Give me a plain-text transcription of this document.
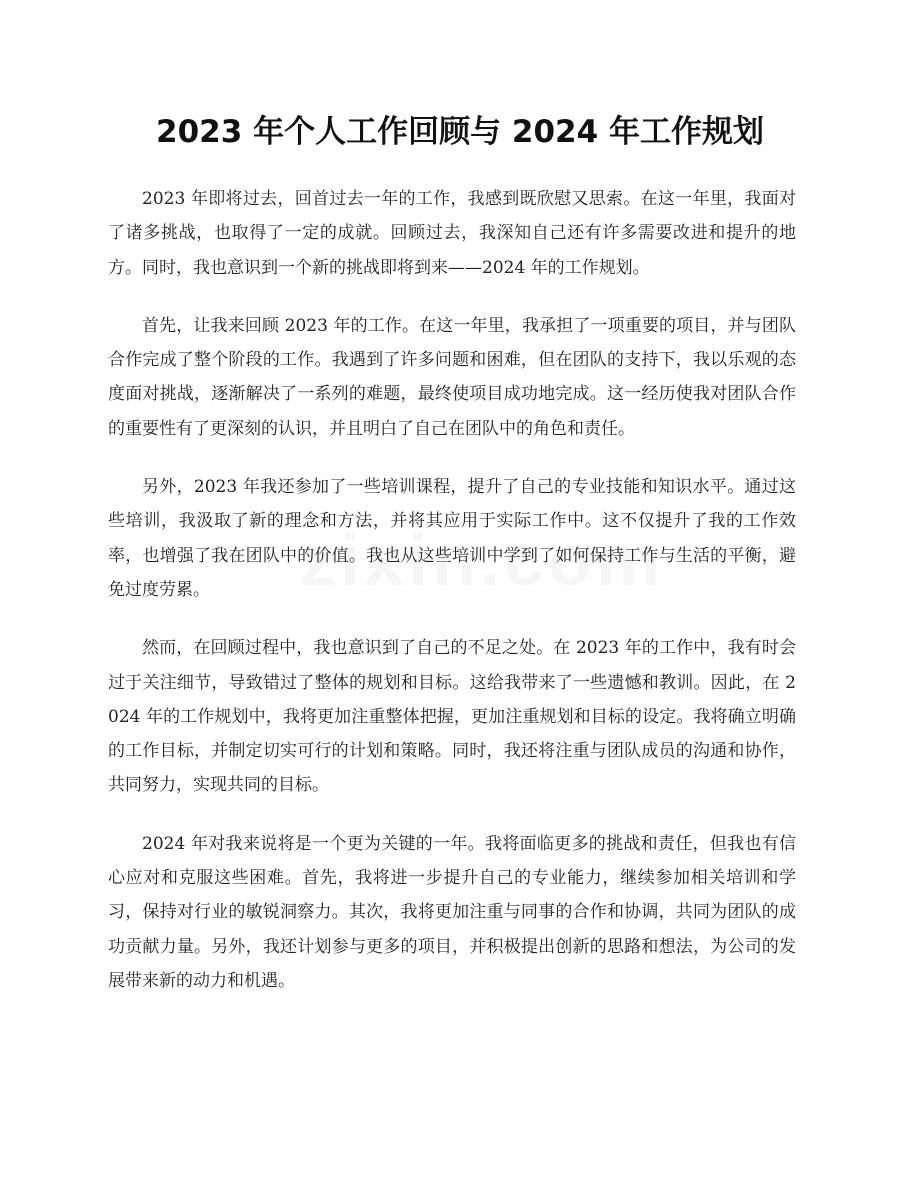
2023 年个人工作回顾与 2024 年工作规划

2023 年即将过去，回首过去一年的工作，我感到既欣慰又思索。在这一年里，我面对了诸多挑战，也取得了一定的成就。回顾过去，我深知自己还有许多需要改进和提升的地方。同时，我也意识到一个新的挑战即将到来——2024 年的工作规划。

首先，让我来回顾 2023 年的工作。在这一年里，我承担了一项重要的项目，并与团队合作完成了整个阶段的工作。我遇到了许多问题和困难，但在团队的支持下，我以乐观的态度面对挑战，逐渐解决了一系列的难题，最终使项目成功地完成。这一经历使我对团队合作的重要性有了更深刻的认识，并且明白了自己在团队中的角色和责任。

另外，2023 年我还参加了一些培训课程，提升了自己的专业技能和知识水平。通过这些培训，我汲取了新的理念和方法，并将其应用于实际工作中。这不仅提升了我的工作效率，也增强了我在团队中的价值。我也从这些培训中学到了如何保持工作与生活的平衡，避免过度劳累。

然而，在回顾过程中，我也意识到了自己的不足之处。在 2023 年的工作中，我有时会过于关注细节，导致错过了整体的规划和目标。这给我带来了一些遗憾和教训。因此，在 2024 年的工作规划中，我将更加注重整体把握，更加注重规划和目标的设定。我将确立明确的工作目标，并制定切实可行的计划和策略。同时，我还将注重与团队成员的沟通和协作，共同努力，实现共同的目标。

2024 年对我来说将是一个更为关键的一年。我将面临更多的挑战和责任，但我也有信心应对和克服这些困难。首先，我将进一步提升自己的专业能力，继续参加相关培训和学习，保持对行业的敏锐洞察力。其次，我将更加注重与同事的合作和协调，共同为团队的成功贡献力量。另外，我还计划参与更多的项目，并积极提出创新的思路和想法，为公司的发展带来新的动力和机遇。
